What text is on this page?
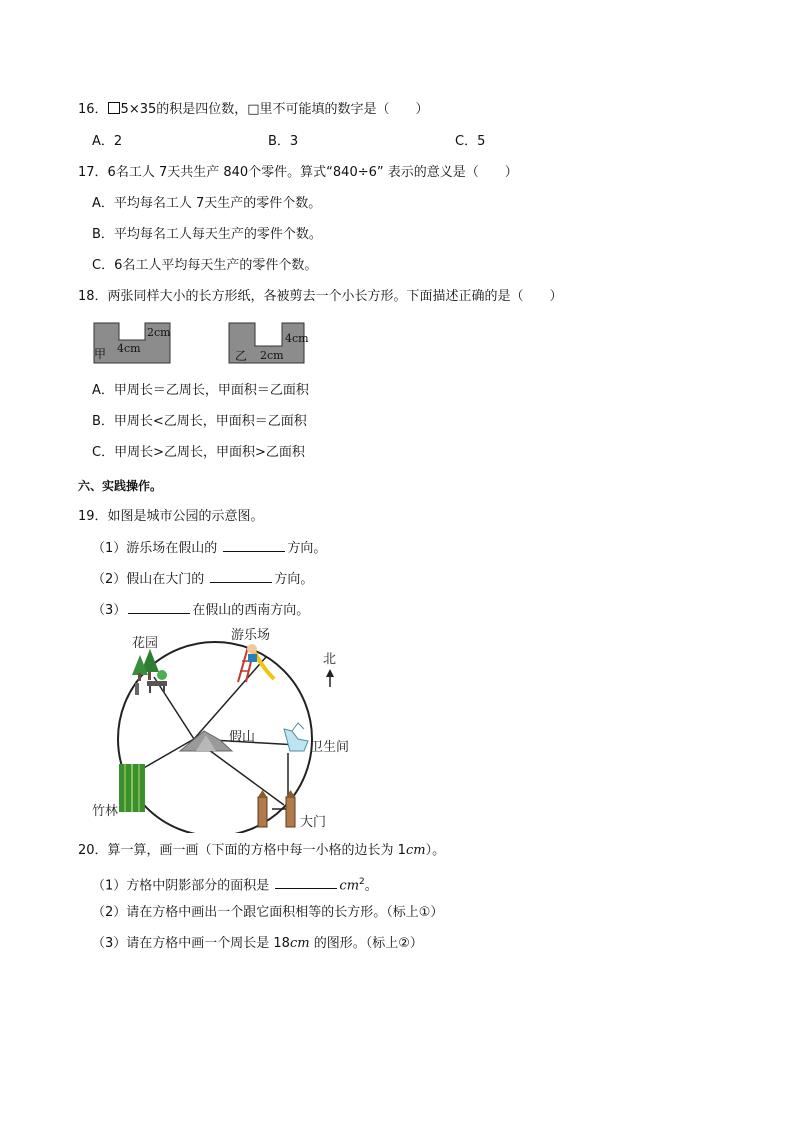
16． 5×35的积是四位数，□里不可能填的数字是（　　）
A．2	B．3	C．5
17．6名工人 7天共生产 840个零件。算式“840÷6” 表示的意义是（　　）
A．平均每名工人 7天生产的零件个数。
B．平均每名工人每天生产的零件个数。
C．6名工人平均每天生产的零件个数。
18．两张同样大小的长方形纸，各被剪去一个小长方形。下面描述正确的是（　　）
甲
2cm
4cm
乙
4cm
2cm
A．甲周长＝乙周长，甲面积＝乙面积
B．甲周长<乙周长，甲面积＝乙面积
C．甲周长>乙周长，甲面积>乙面积
六、实践操作。
19．如图是城市公园的示意图。
（1）游乐场在假山的	方向。
（2）假山在大门的	方向。
（3）	在假山的西南方向。
假山
花园
游乐场
北
卫生间
竹林
大门
20．算一算，画一画（下面的方格中每一小格的边长为 1cm）。
（1）方格中阴影部分的面积是	$cm^2$。
（2）请在方格中画出一个跟它面积相等的长方形。（标上①）
（3）请在方格中画一个周长是 18cm 的图形。（标上②）
